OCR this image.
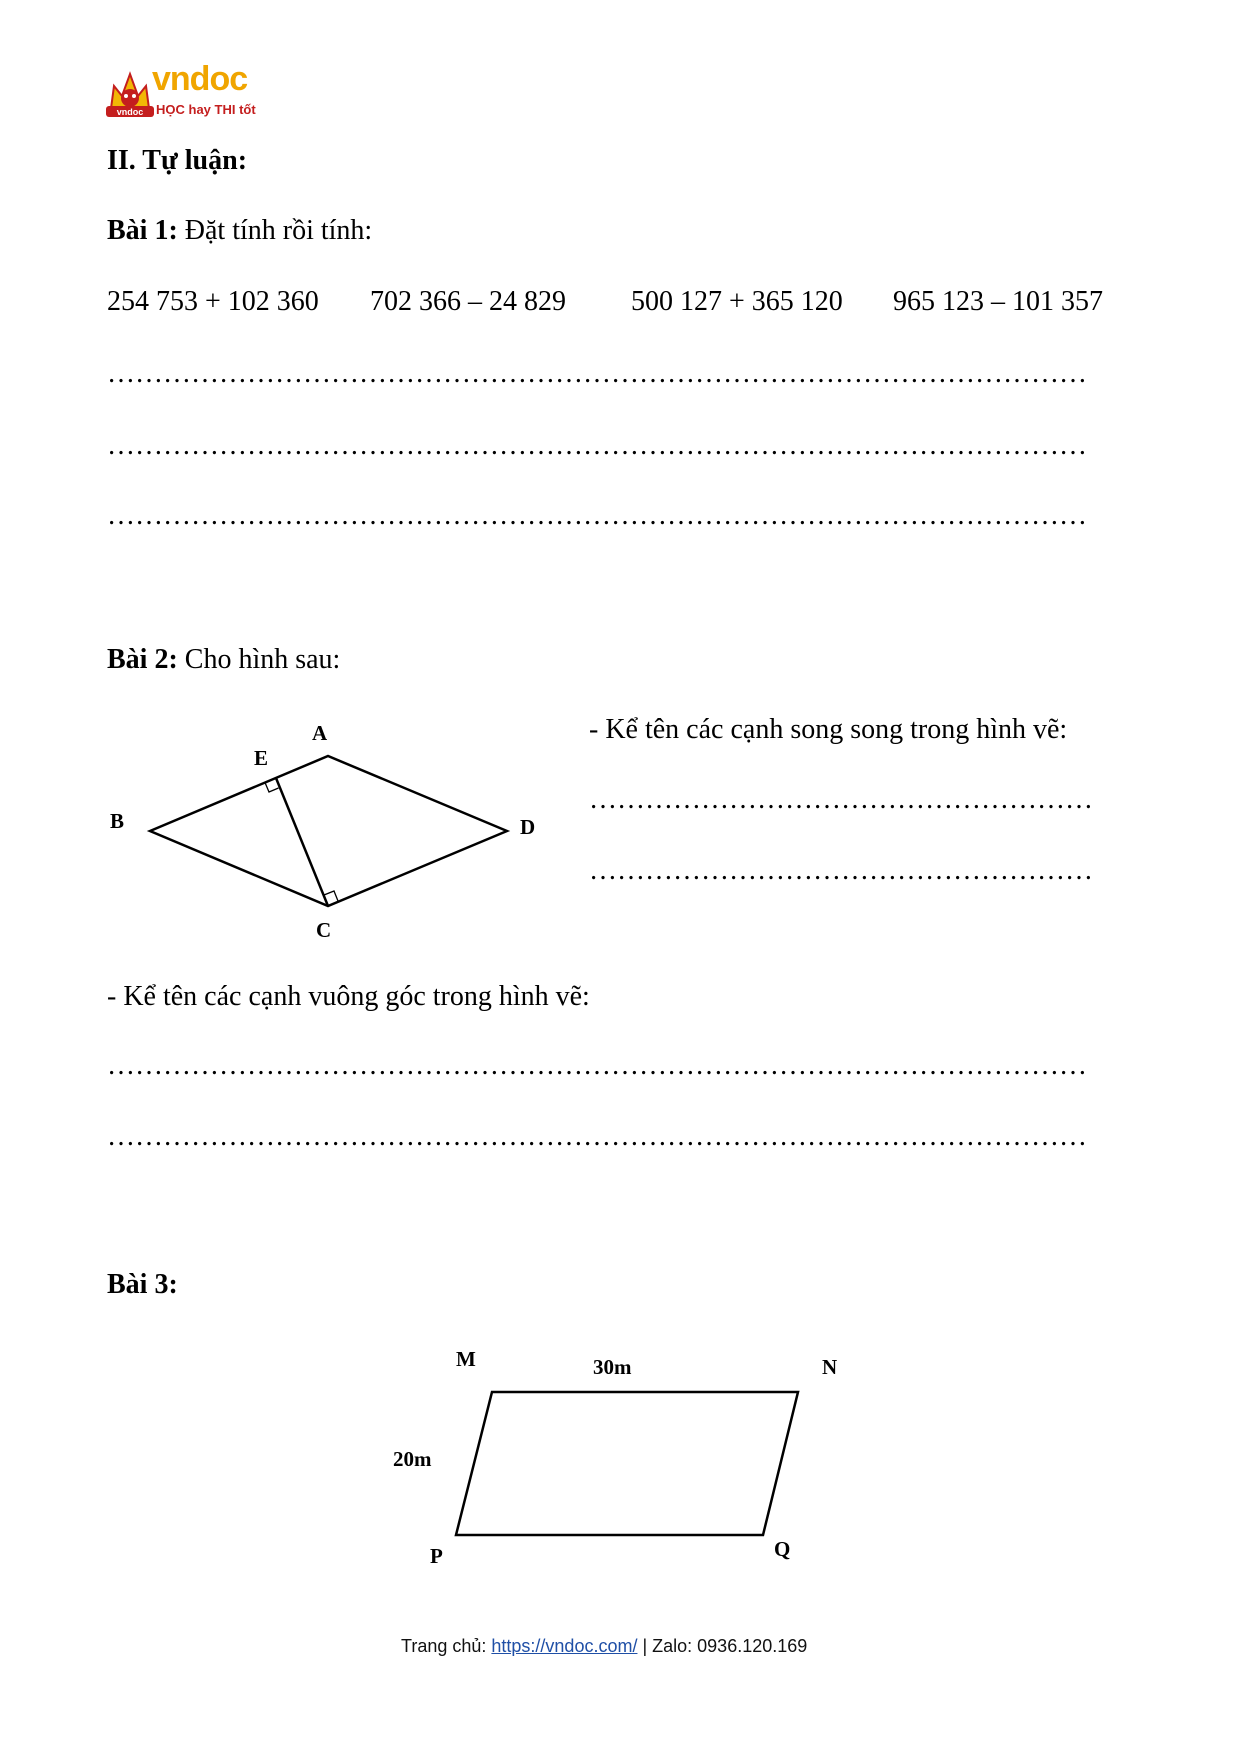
vndoc
vndoc
HỌC hay THI tốt
II. Tự luận:
Bài 1: Đặt tính rồi tính:
254 753 + 102 360 702 366 – 24 829 500 127 + 365 120 965 123 – 101 357
……………………………………………………………………………………………
……………………………………………………………………………………………
……………………………………………………………………………………………
Bài 2: Cho hình sau:
A
E
B	D
C
- Kể tên các cạnh song song trong hình vẽ:
………………………………………………
………………………………………………
- Kể tên các cạnh vuông góc trong hình vẽ:
……………………………………………………………………………………………
……………………………………………………………………………………………
Bài 3:
M	30m	N
20m
P	Q
Trang chủ: https://vndoc.com/ | Zalo: 0936.120.169
